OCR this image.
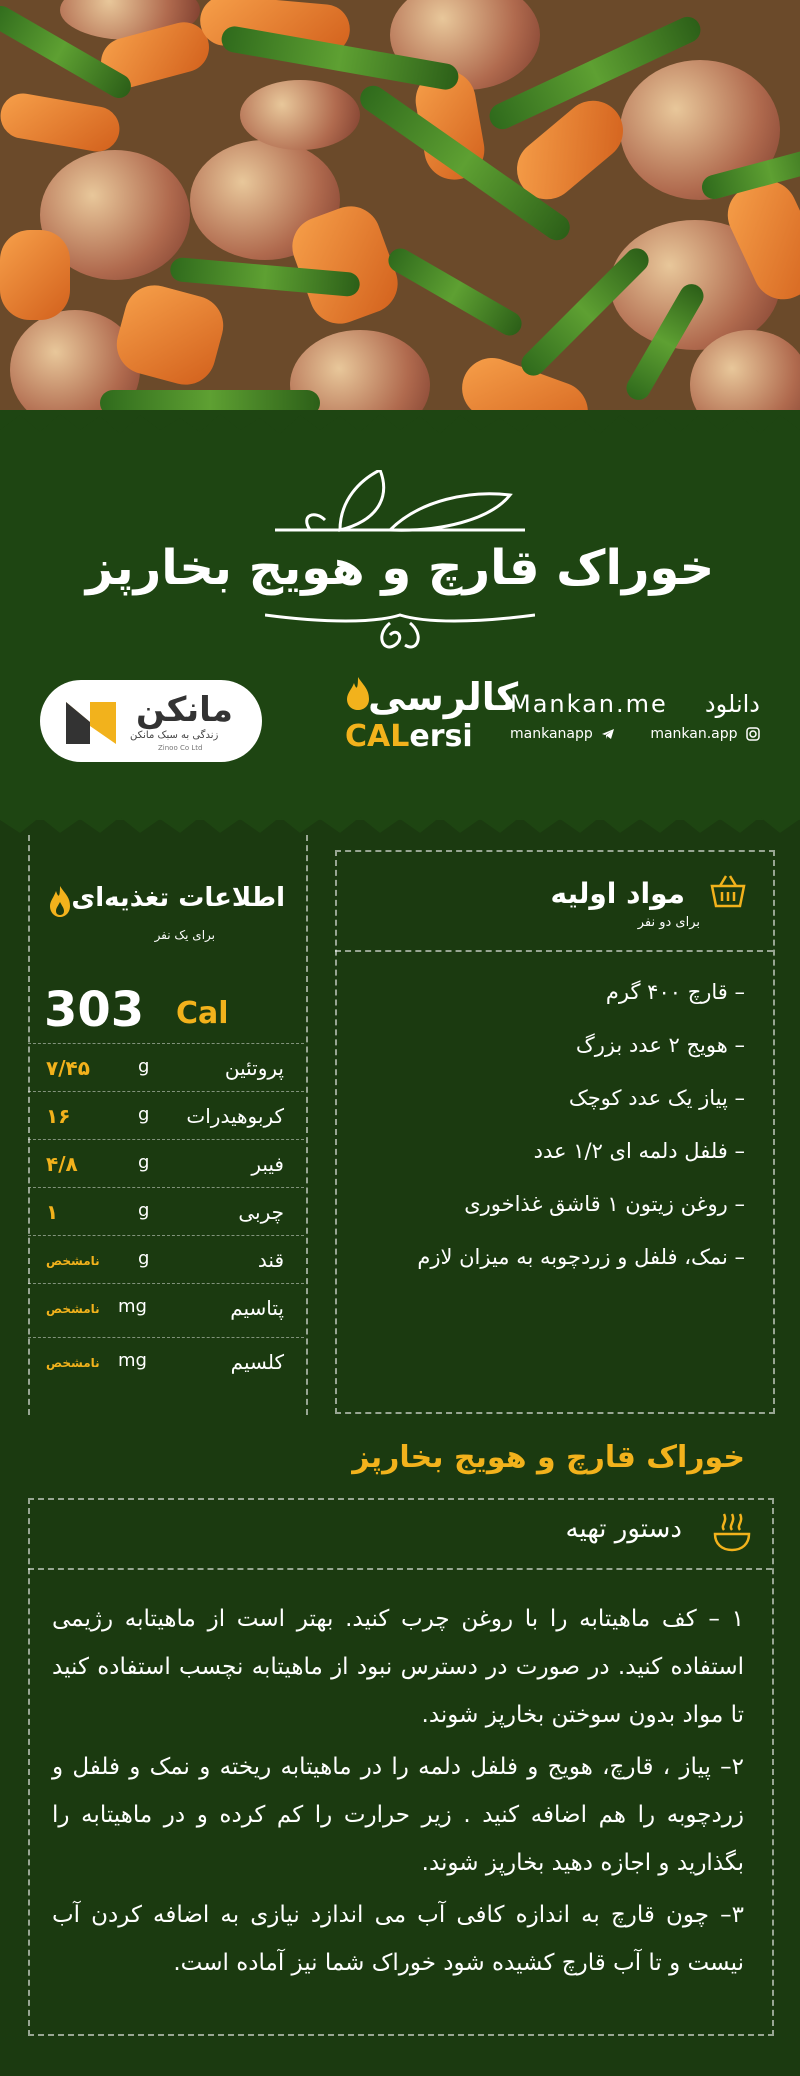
خوراک قارچ و هویج بخارپز
مانکن
زندگی به سبک مانکن
Zinoo Co Ltd
کالرسی
CALersi
Mankan.me دانلود
mankanapp	mankan.app
اطلاعات تغذیه‌ای
برای یک نفر
303 Cal
۷/۴۵	g	پروتئین
۱۶	g کربوهیدرات
۴/۸	g	فیبر
۱	g	چربی
نامشخص g	قند
نامشخص mg	پتاسیم
نامشخص mg	کلسیم
مواد اولیه
برای دو نفر
– قارچ ۴۰۰ گرم
– هویج ۲ عدد بزرگ
– پیاز یک عدد کوچک
– فلفل دلمه ای ۱/۲ عدد
– روغن زیتون ۱ قاشق غذاخوری
– نمک، فلفل و زردچوبه به میزان لازم
خوراک قارچ و هویج بخارپز
دستور تهیه

۱ – کف ماهیتابه را با روغن چرب کنید. بهتر است از ماهیتابه رژیمی استفاده کنید. در صورت در دسترس نبود از ماهیتابه نچسب استفاده کنید تا مواد بدون سوختن بخارپز شوند.

۲– پیاز ، قارچ، هویج و فلفل دلمه را در ماهیتابه ریخته و نمک و فلفل و زردچوبه را هم اضافه کنید . زیر حرارت را کم کرده و در ماهیتابه را بگذارید و اجازه دهید بخارپز شوند.

۳– چون قارچ به اندازه کافی آب می اندازد نیازی به اضافه کردن آب نیست و تا آب قارچ کشیده شود خوراک شما نیز آماده است.
